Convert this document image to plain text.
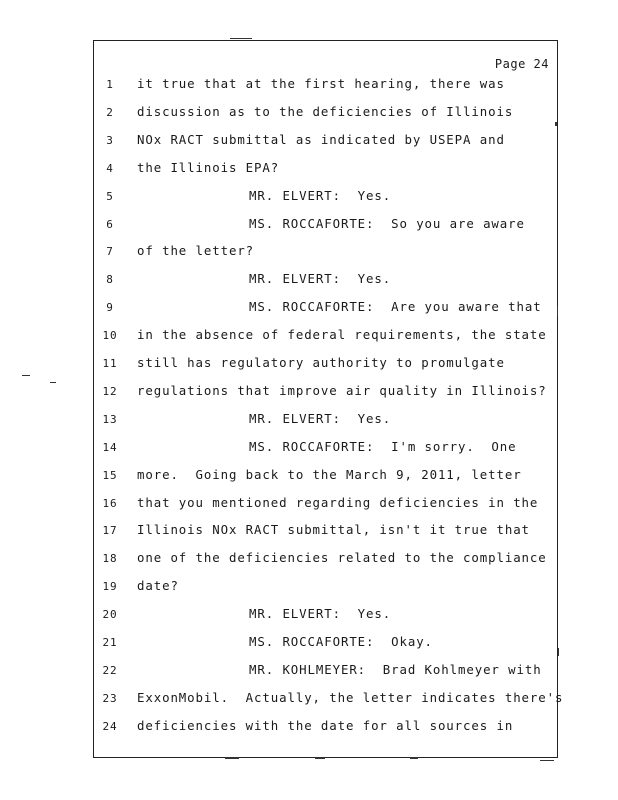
Page 24
1	it true that at the first hearing, there was
2	discussion as to the deficiencies of Illinois
3	NOx RACT submittal as indicated by USEPA and
4	the Illinois EPA?
5	MR. ELVERT:  Yes.
6	MS. ROCCAFORTE:  So you are aware
7	of the letter?
8	MR. ELVERT:  Yes.
9	MS. ROCCAFORTE:  Are you aware that
10 in the absence of federal requirements, the state
11 still has regulatory authority to promulgate
12 regulations that improve air quality in Illinois?
13	MR. ELVERT:  Yes.
14	MS. ROCCAFORTE:  I'm sorry.  One
15 more.  Going back to the March 9, 2011, letter
16 that you mentioned regarding deficiencies in the
17 Illinois NOx RACT submittal, isn't it true that
18 one of the deficiencies related to the compliance
19 date?
20	MR. ELVERT:  Yes.
21	MS. ROCCAFORTE:  Okay.
22	MR. KOHLMEYER:  Brad Kohlmeyer with
23 ExxonMobil.  Actually, the letter indicates there's
24 deficiencies with the date for all sources in
